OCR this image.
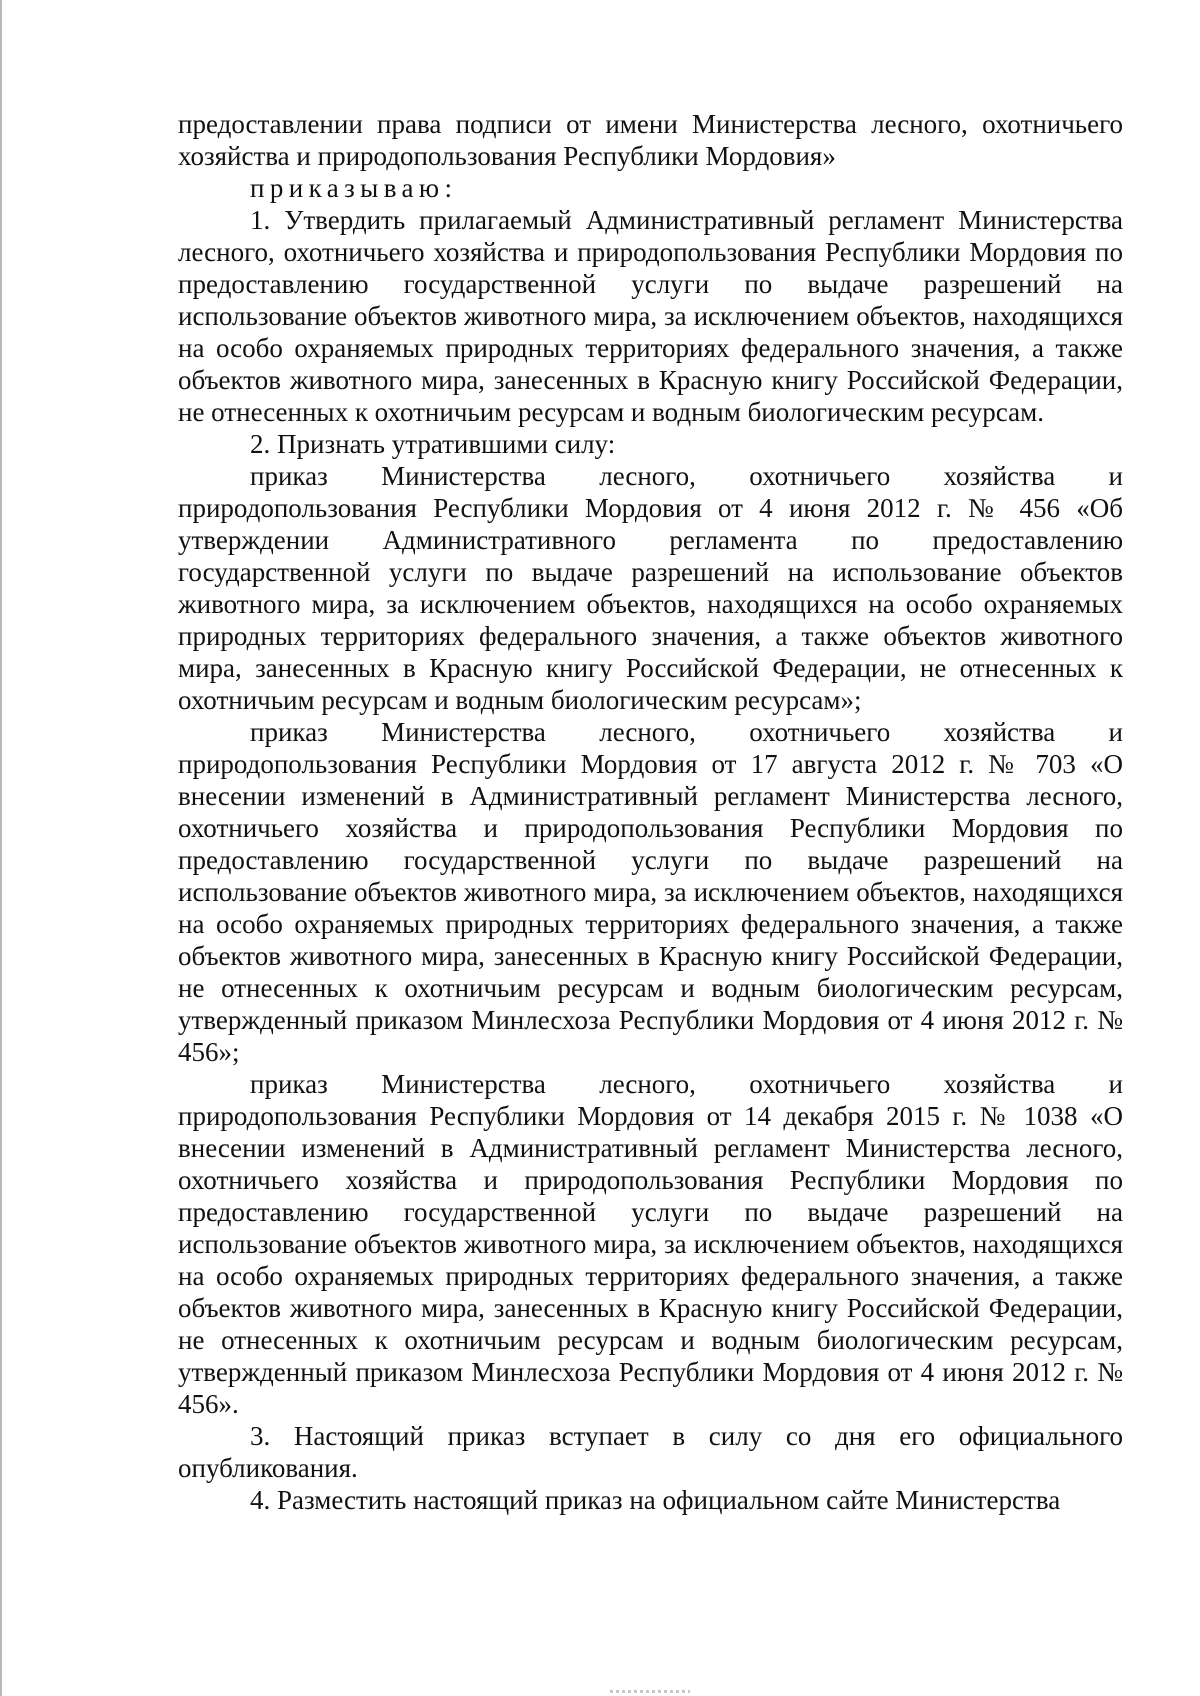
предоставлении права подписи от имени Министерства лесного, охотничьего хозяйства и природопользования Республики Мордовия»

приказываю:

1. Утвердить прилагаемый Административный регламент Министерства лесного, охотничьего хозяйства и природопользования Республики Мордовия по предоставлению государственной услуги по выдаче разрешений на использование объектов животного мира, за исключением объектов, находящихся на особо охраняемых природных территориях федерального значения, а также объектов животного мира, занесенных в Красную книгу Российской Федерации, не отнесенных к охотничьим ресурсам и водным биологическим ресурсам.

2. Признать утратившими силу:

приказ Министерства лесного, охотничьего хозяйства и природопользования Республики Мордовия от 4 июня 2012 г. № 456 «Об утверждении Административного регламента по предоставлению государственной услуги по выдаче разрешений на использование объектов животного мира, за исключением объектов, находящихся на особо охраняемых природных территориях федерального значения, а также объектов животного мира, занесенных в Красную книгу Российской Федерации, не отнесенных к охотничьим ресурсам и водным биологическим ресурсам»;

приказ Министерства лесного, охотничьего хозяйства и природопользования Республики Мордовия от 17 августа 2012 г. № 703 «О внесении изменений в Административный регламент Министерства лесного, охотничьего хозяйства и природопользования Республики Мордовия по предоставлению государственной услуги по выдаче разрешений на использование объектов животного мира, за исключением объектов, находящихся на особо охраняемых природных территориях федерального значения, а также объектов животного мира, занесенных в Красную книгу Российской Федерации, не отнесенных к охотничьим ресурсам и водным биологическим ресурсам, утвержденный приказом Минлесхоза Республики Мордовия от 4 июня 2012 г. № 456»;

приказ Министерства лесного, охотничьего хозяйства и природопользования Республики Мордовия от 14 декабря 2015 г. № 1038 «О внесении изменений в Административный регламент Министерства лесного, охотничьего хозяйства и природопользования Республики Мордовия по предоставлению государственной услуги по выдаче разрешений на использование объектов животного мира, за исключением объектов, находящихся на особо охраняемых природных территориях федерального значения, а также объектов животного мира, занесенных в Красную книгу Российской Федерации, не отнесенных к охотничьим ресурсам и водным биологическим ресурсам, утвержденный приказом Минлесхоза Республики Мордовия от 4 июня 2012 г. № 456».

3. Настоящий приказ вступает в силу со дня его официального опубликования.

4. Разместить настоящий приказ на официальном сайте Министерства
